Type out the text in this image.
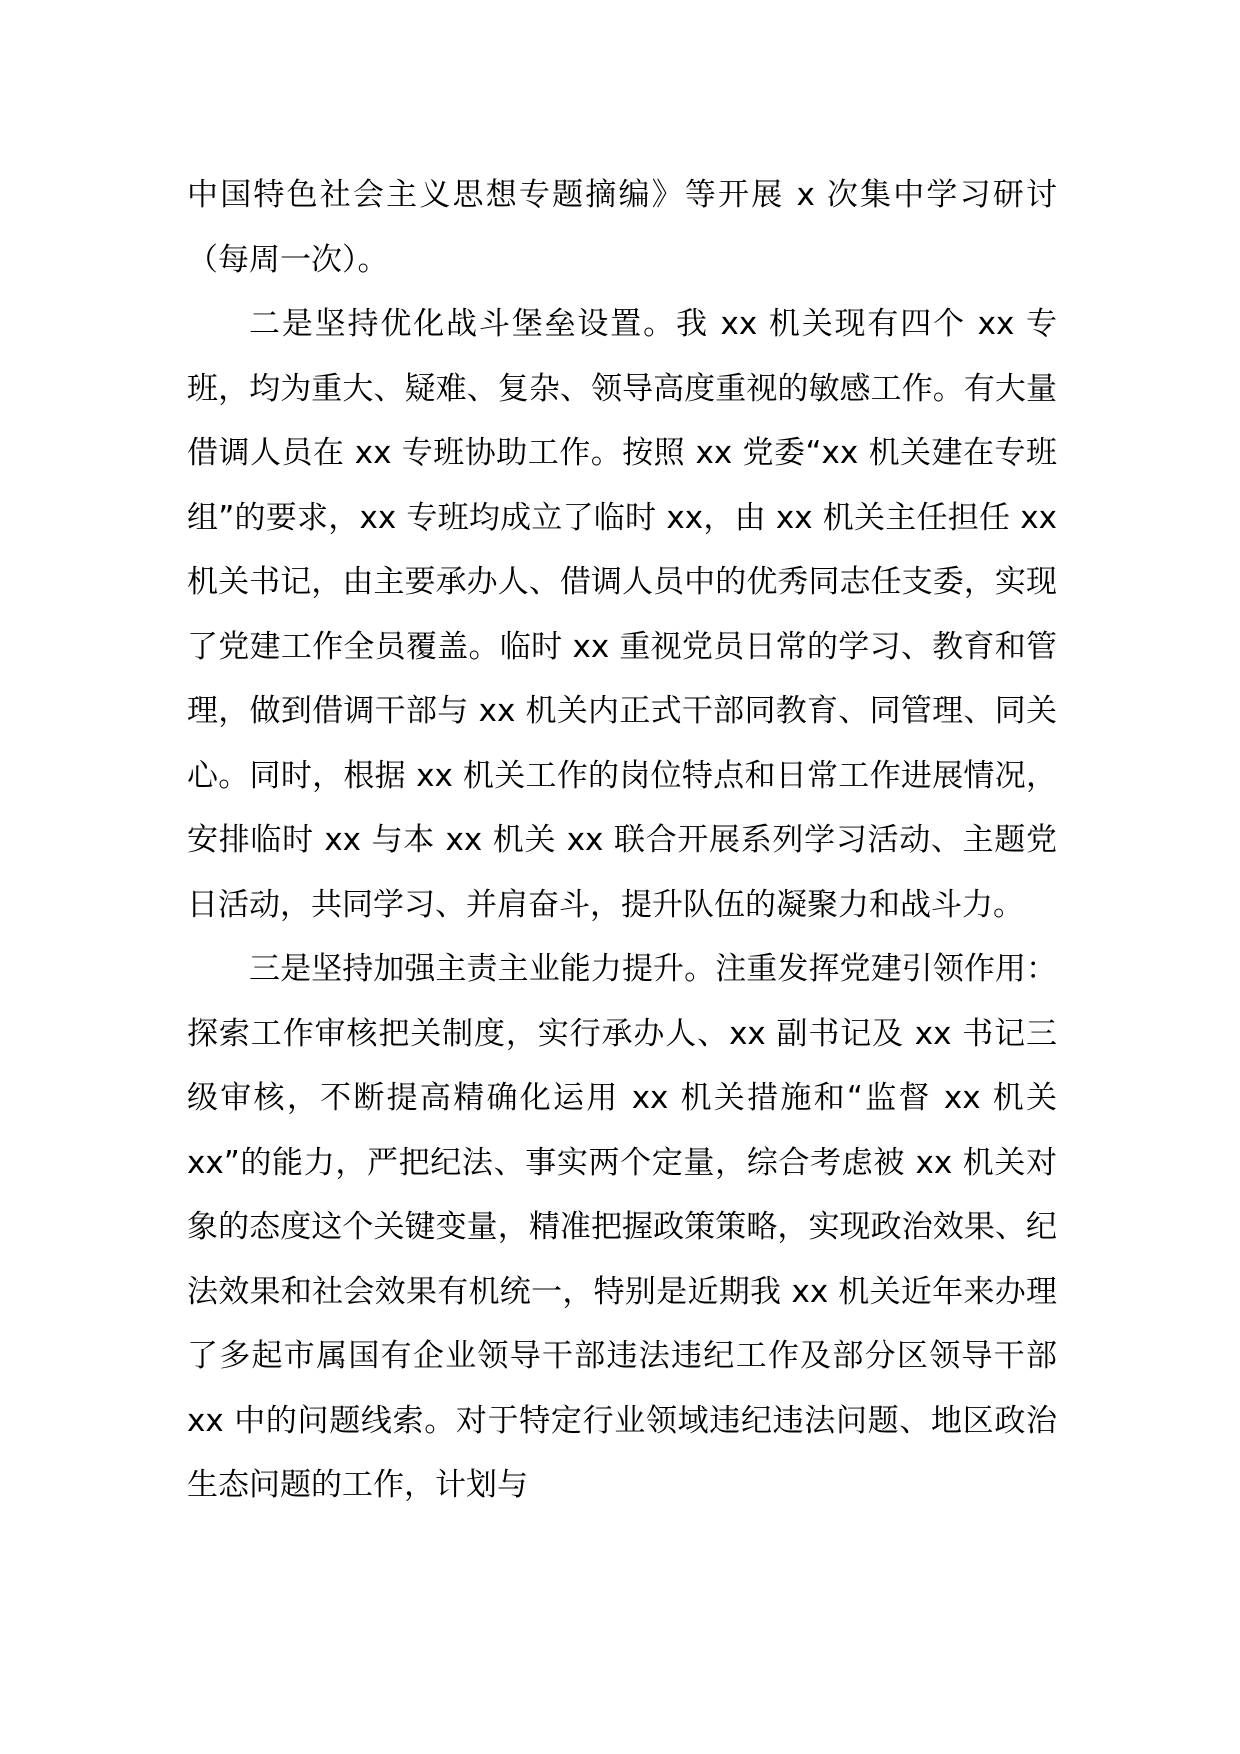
中国特色社会主义思想专题摘编》等开展 x 次集中学习研讨（每周一次）。

二是坚持优化战斗堡垒设置。我 xx 机关现有四个 xx 专班，均为重大、疑难、复杂、领导高度重视的敏感工作。有大量借调人员在 xx 专班协助工作。按照 xx 党委“xx 机关建在专班组”的要求，xx 专班均成立了临时 xx，由 xx 机关主任担任 xx 机关书记，由主要承办人、借调人员中的优秀同志任支委，实现了党建工作全员覆盖。临时 xx 重视党员日常的学习、教育和管理，做到借调干部与 xx 机关内正式干部同教育、同管理、同关心。同时，根据 xx 机关工作的岗位特点和日常工作进展情况，安排临时 xx 与本 xx 机关 xx 联合开展系列学习活动、主题党日活动，共同学习、并肩奋斗，提升队伍的凝聚力和战斗力。

三是坚持加强主责主业能力提升。注重发挥党建引领作用：探索工作审核把关制度，实行承办人、xx 副书记及 xx 书记三级审核，不断提高精确化运用 xx 机关措施和“监督 xx 机关 xx”的能力，严把纪法、事实两个定量，综合考虑被 xx 机关对象的态度这个关键变量，精准把握政策策略，实现政治效果、纪法效果和社会效果有机统一，特别是近期我 xx 机关近年来办理了多起市属国有企业领导干部违法违纪工作及部分区领导干部 xx 中的问题线索。对于特定行业领域违纪违法问题、地区政治生态问题的工作，计划与
